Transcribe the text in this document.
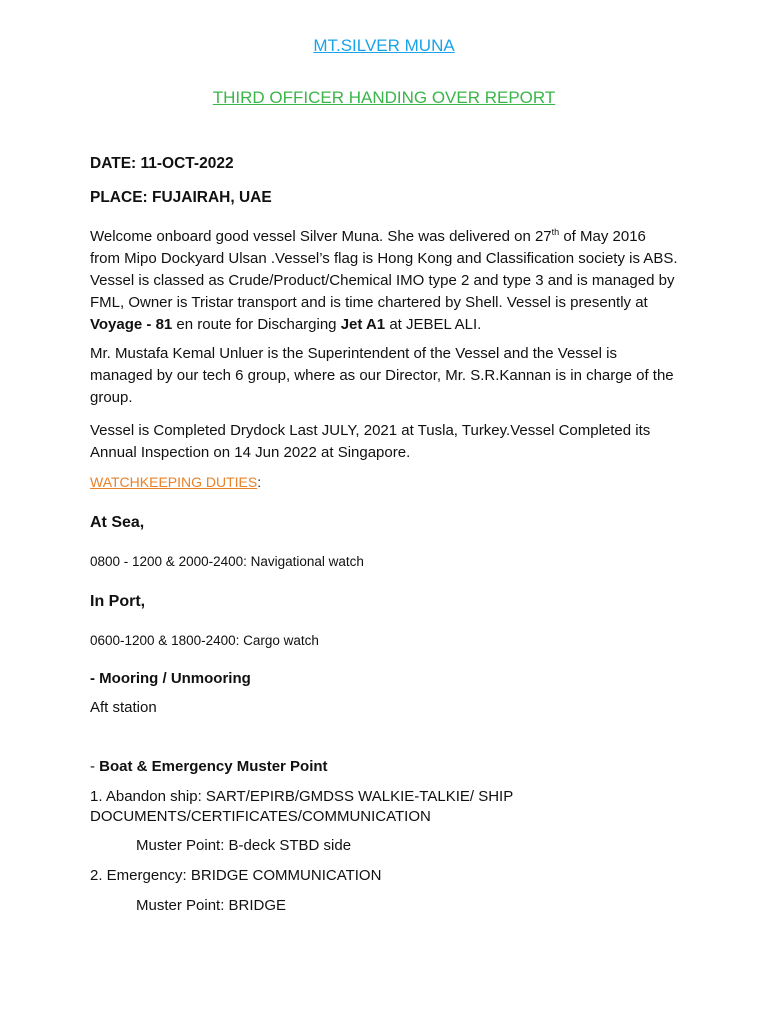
MT.SILVER MUNA
THIRD OFFICER HANDING OVER REPORT
DATE: 11-OCT-2022
PLACE: FUJAIRAH, UAE
Welcome onboard good vessel Silver Muna. She was delivered on 27th of May 2016 from Mipo Dockyard Ulsan .Vessel’s flag is Hong Kong and Classification society is ABS. Vessel is classed as Crude/Product/Chemical IMO type 2 and type 3 and is managed by FML, Owner is Tristar transport and is time chartered by Shell. Vessel is presently at Voyage - 81 en route for Discharging Jet A1 at JEBEL ALI.
Mr. Mustafa Kemal Unluer is the Superintendent of the Vessel and the Vessel is managed by our tech 6 group, where as our Director, Mr. S.R.Kannan is in charge of the group.
Vessel is Completed Drydock Last JULY, 2021 at Tusla, Turkey.Vessel Completed its Annual Inspection on 14 Jun 2022 at Singapore.
WATCHKEEPING DUTIES:
At Sea,
0800 - 1200 & 2000-2400: Navigational watch
In Port,
0600-1200 & 1800-2400: Cargo watch
- Mooring / Unmooring
Aft station
- Boat & Emergency Muster Point
1. Abandon ship: SART/EPIRB/GMDSS WALKIE-TALKIE/ SHIP
DOCUMENTS/CERTIFICATES/COMMUNICATION
Muster Point: B-deck STBD side
2. Emergency: BRIDGE COMMUNICATION
Muster Point: BRIDGE
